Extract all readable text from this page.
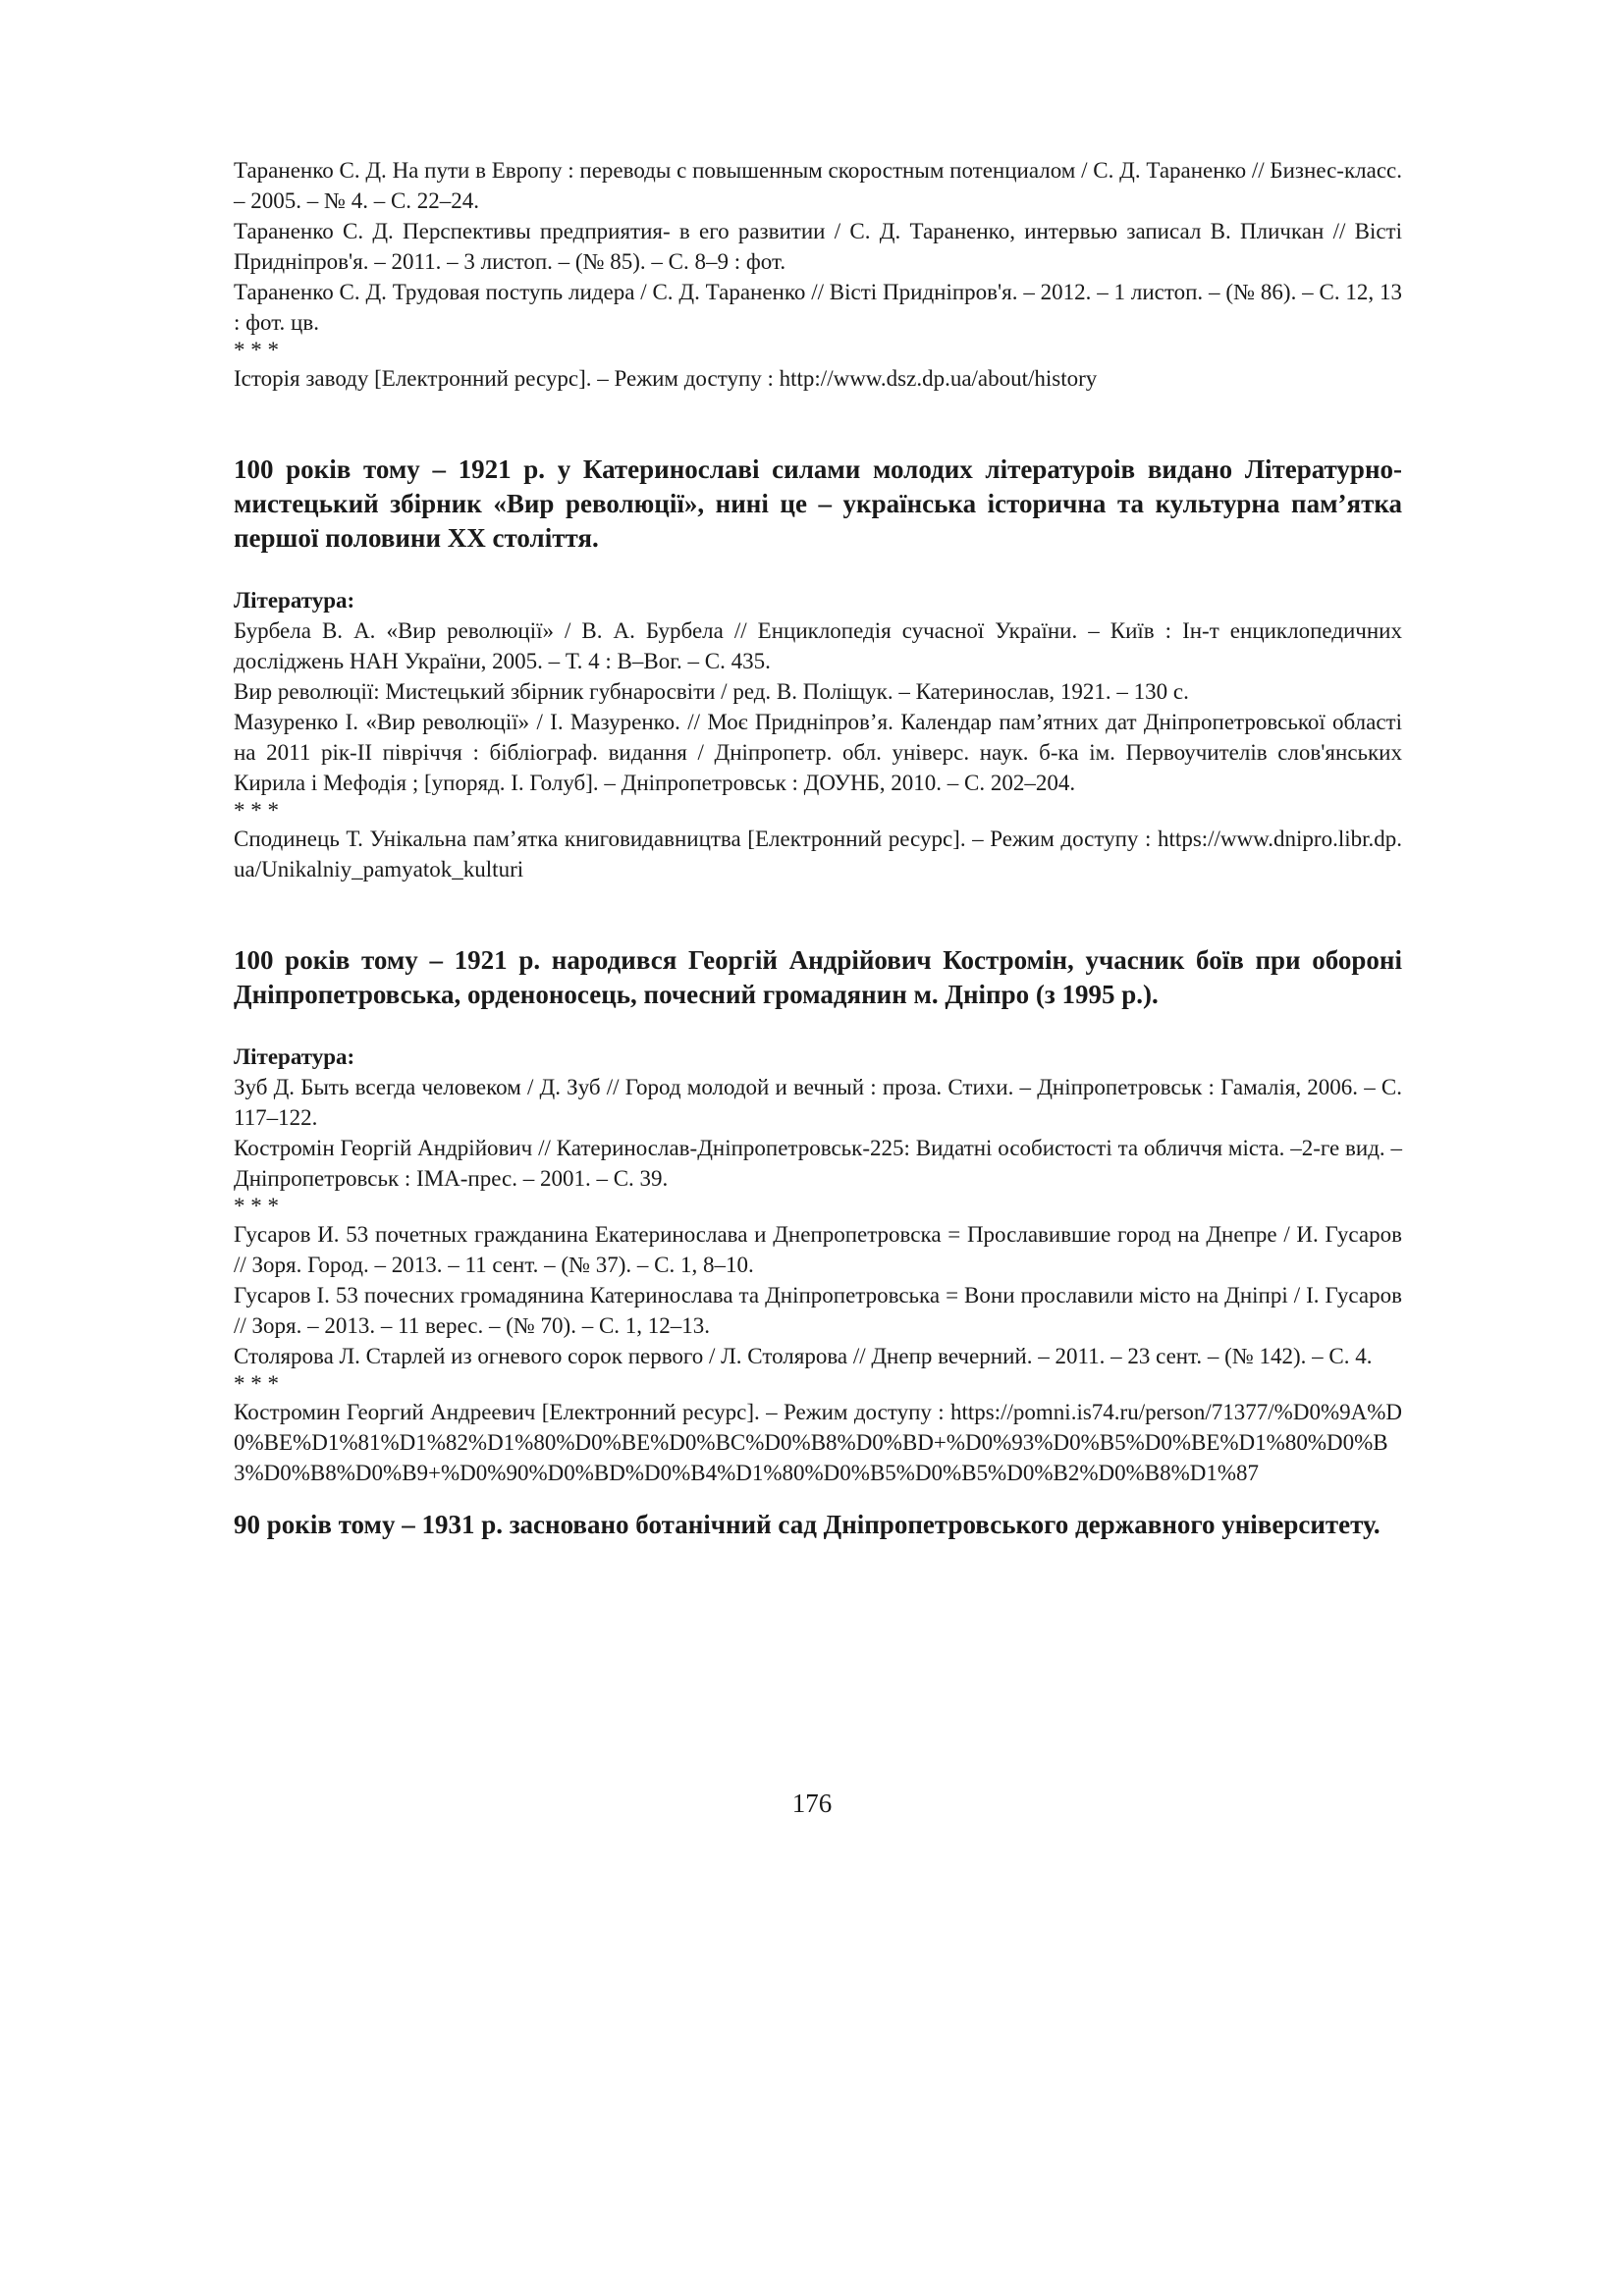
Тараненко С. Д. На пути в Европу : переводы с повышенным скоростным потенциалом / С. Д. Тараненко // Бизнес-класс. – 2005. – № 4. – С. 22–24.

Тараненко С. Д. Перспективы предприятия- в его развитии / С. Д. Тараненко, интервью записал В. Пличкан // Вісті Придніпров'я. – 2011. – 3 листоп. – (№ 85). – С. 8–9 : фот.

Тараненко С. Д. Трудовая поступь лидера / С. Д. Тараненко // Вісті Придніпров'я. – 2012. – 1 листоп. – (№ 86). – С. 12, 13 : фот. цв.

* * *

Історія заводу [Електронний ресурс]. – Режим доступу : http://www.dsz.dp.ua/about/history

100 років тому – 1921 р. у Катеринославі силами молодих літературоів видано Літературно-мистецький збірник «Вир революції», нині це – українська історична та культурна пам’ятка першої половини XX століття.

Література:

Бурбела В. А. «Вир революції» / В. А. Бурбела // Енциклопедія сучасної України. – Київ : Ін-т енциклопедичних досліджень НАН України, 2005. – Т. 4 : В–Вог. – С. 435.

Вир революції: Мистецький збірник губнаросвіти / ред. В. Поліщук. – Катеринослав, 1921. – 130 с.

Мазуренко І. «Вир революції» / І. Мазуренко. // Моє Придніпров’я. Календар пам’ятних дат Дніпропетровської області на 2011 рік-ІІ півріччя : бібліограф. видання / Дніпропетр. обл. універс. наук. б-ка ім. Первоучителів слов'янських Кирила і Мефодія ; [упоряд. І. Голуб]. – Дніпропетровськ : ДОУНБ, 2010. – С. 202–204.

* * *

Сподинець Т. Унікальна пам’ятка книговидавництва [Електронний ресурс]. – Режим доступу : https://www.dnipro.libr.dp.ua/Unikalniy_pamyatok_kulturi

100 років тому – 1921 р. народився Георгій Андрійович Костромін, учасник боїв при обороні Дніпропетровська, орденоносець, почесний громадянин м. Дніпро (з 1995 р.).

Література:

Зуб Д. Быть всегда человеком / Д. Зуб // Город молодой и вечный : проза. Стихи. – Дніпропетровськ : Гамалія, 2006. – С. 117–122.

Костромін Георгій Андрійович // Катеринослав-Дніпропетровськ-225: Видатні особистості та обличчя міста. –2-ге вид. –Дніпропетровськ : ІМА-прес. – 2001. – С. 39.

* * *

Гусаров И. 53 почетных гражданина Екатеринослава и Днепропетровска = Прославившие город на Днепре / И. Гусаров // Зоря. Город. – 2013. – 11 сент. – (№ 37). – С. 1, 8–10.

Гусаров І. 53 почесних громадянина Катеринослава та Дніпропетровська = Вони прославили місто на Дніпрі / І. Гусаров // Зоря. – 2013. – 11 верес. – (№ 70). – С. 1, 12–13.

Столярова Л. Старлей из огневого сорок первого / Л. Столярова // Днепр вечерний. – 2011. – 23 сент. – (№ 142). – С. 4.

* * *

Костромин Георгий Андреевич [Електронний ресурс]. – Режим доступу : https://pomni.is74.ru/person/71377/%D0%9A%D0%BE%D1%81%D1%82%D1%80%D0%BE%D0%BC%D0%B8%D0%BD+%D0%93%D0%B5%D0%BE%D1%80%D0%B3%D0%B8%D0%B9+%D0%90%D0%BD%D0%B4%D1%80%D0%B5%D0%B5%D0%B2%D0%B8%D1%87

90 років тому – 1931 р. засновано ботанічний сад Дніпропетровського державного університету.

176
